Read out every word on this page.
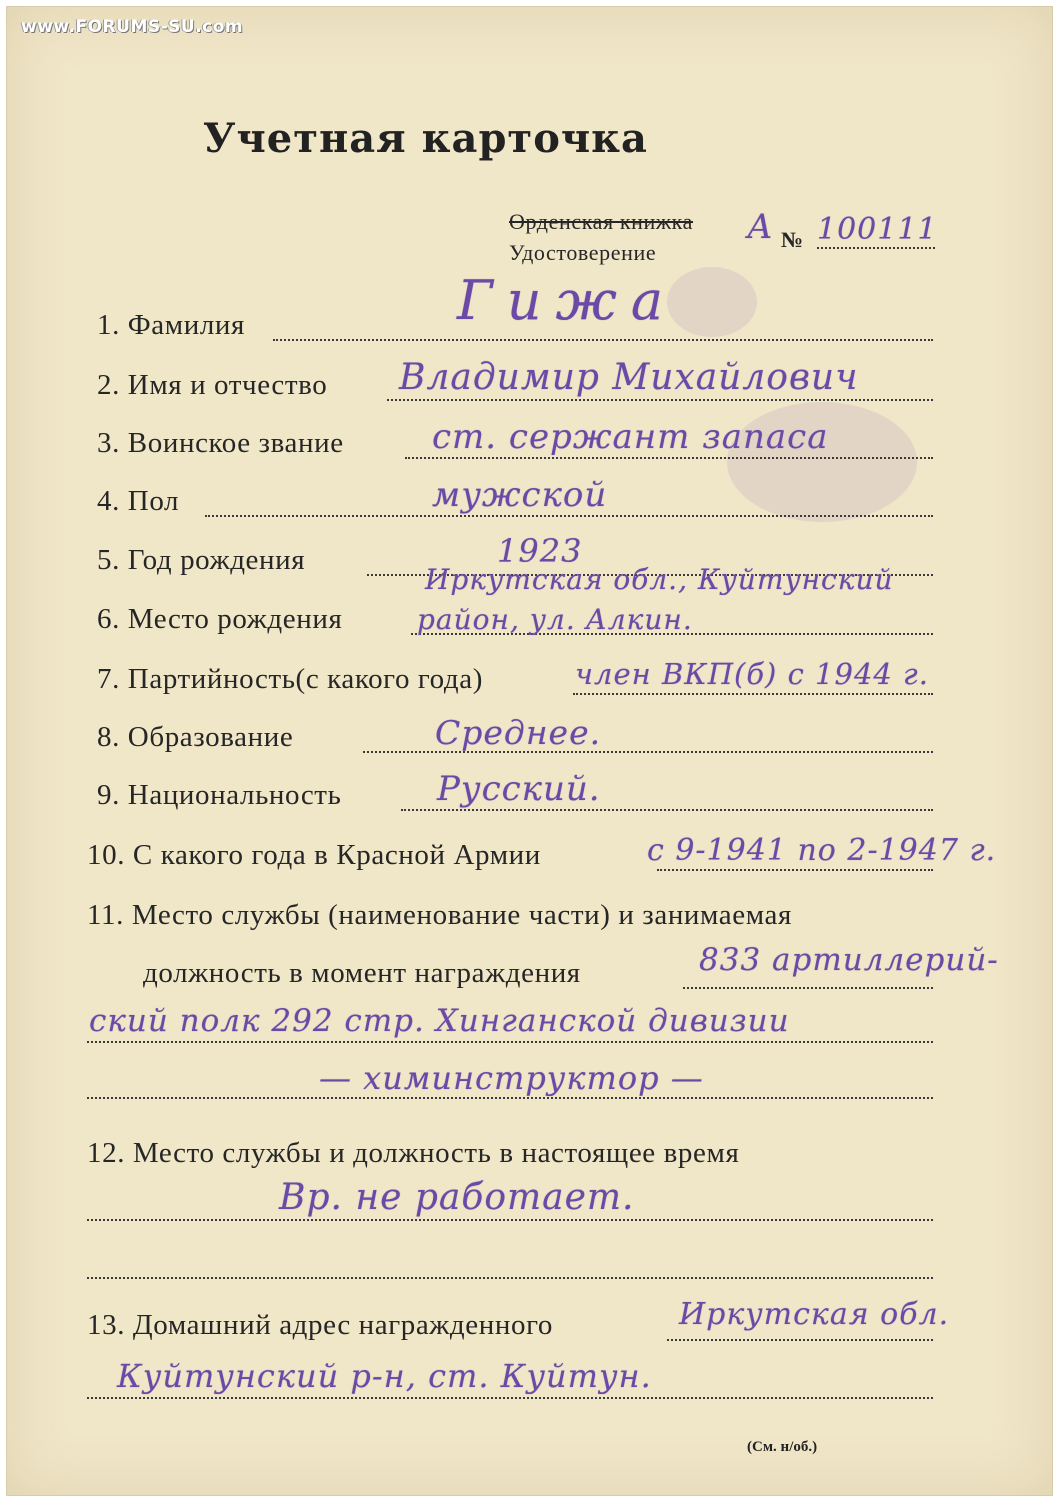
www.FORUMS-SU.com
Учетная карточка
Орденская книжка
Удостоверение
А № 100111
1. Фамилия	Гижа
2. Имя и отчество Владимир Михайлович
3. Воинское звание	ст. сержант запаса
4. Пол	мужской
5. Год рождения	1923
6. Место рождения
Иркутская обл., Куйтунский
район, ул. Алкин.
7. Партийность(с какого года)	член ВКП(б) с 1944 г.
8. Образование	Среднее.
9. Национальность	Русский.
10. С какого года в Красной Армии	с 9-1941 по 2-1947 г.
11. Место службы (наименование части) и занимаемая
должность в момент награждения	833 артиллерий-
ский полк 292 стр. Хинганской дивизии
— химинструктор —
12. Место службы и должность в настоящее время
Вр. не работает.
13. Домашний адрес награжденного	Иркутская обл.
Куйтунский р-н, ст. Куйтун.
(См. н/об.)
